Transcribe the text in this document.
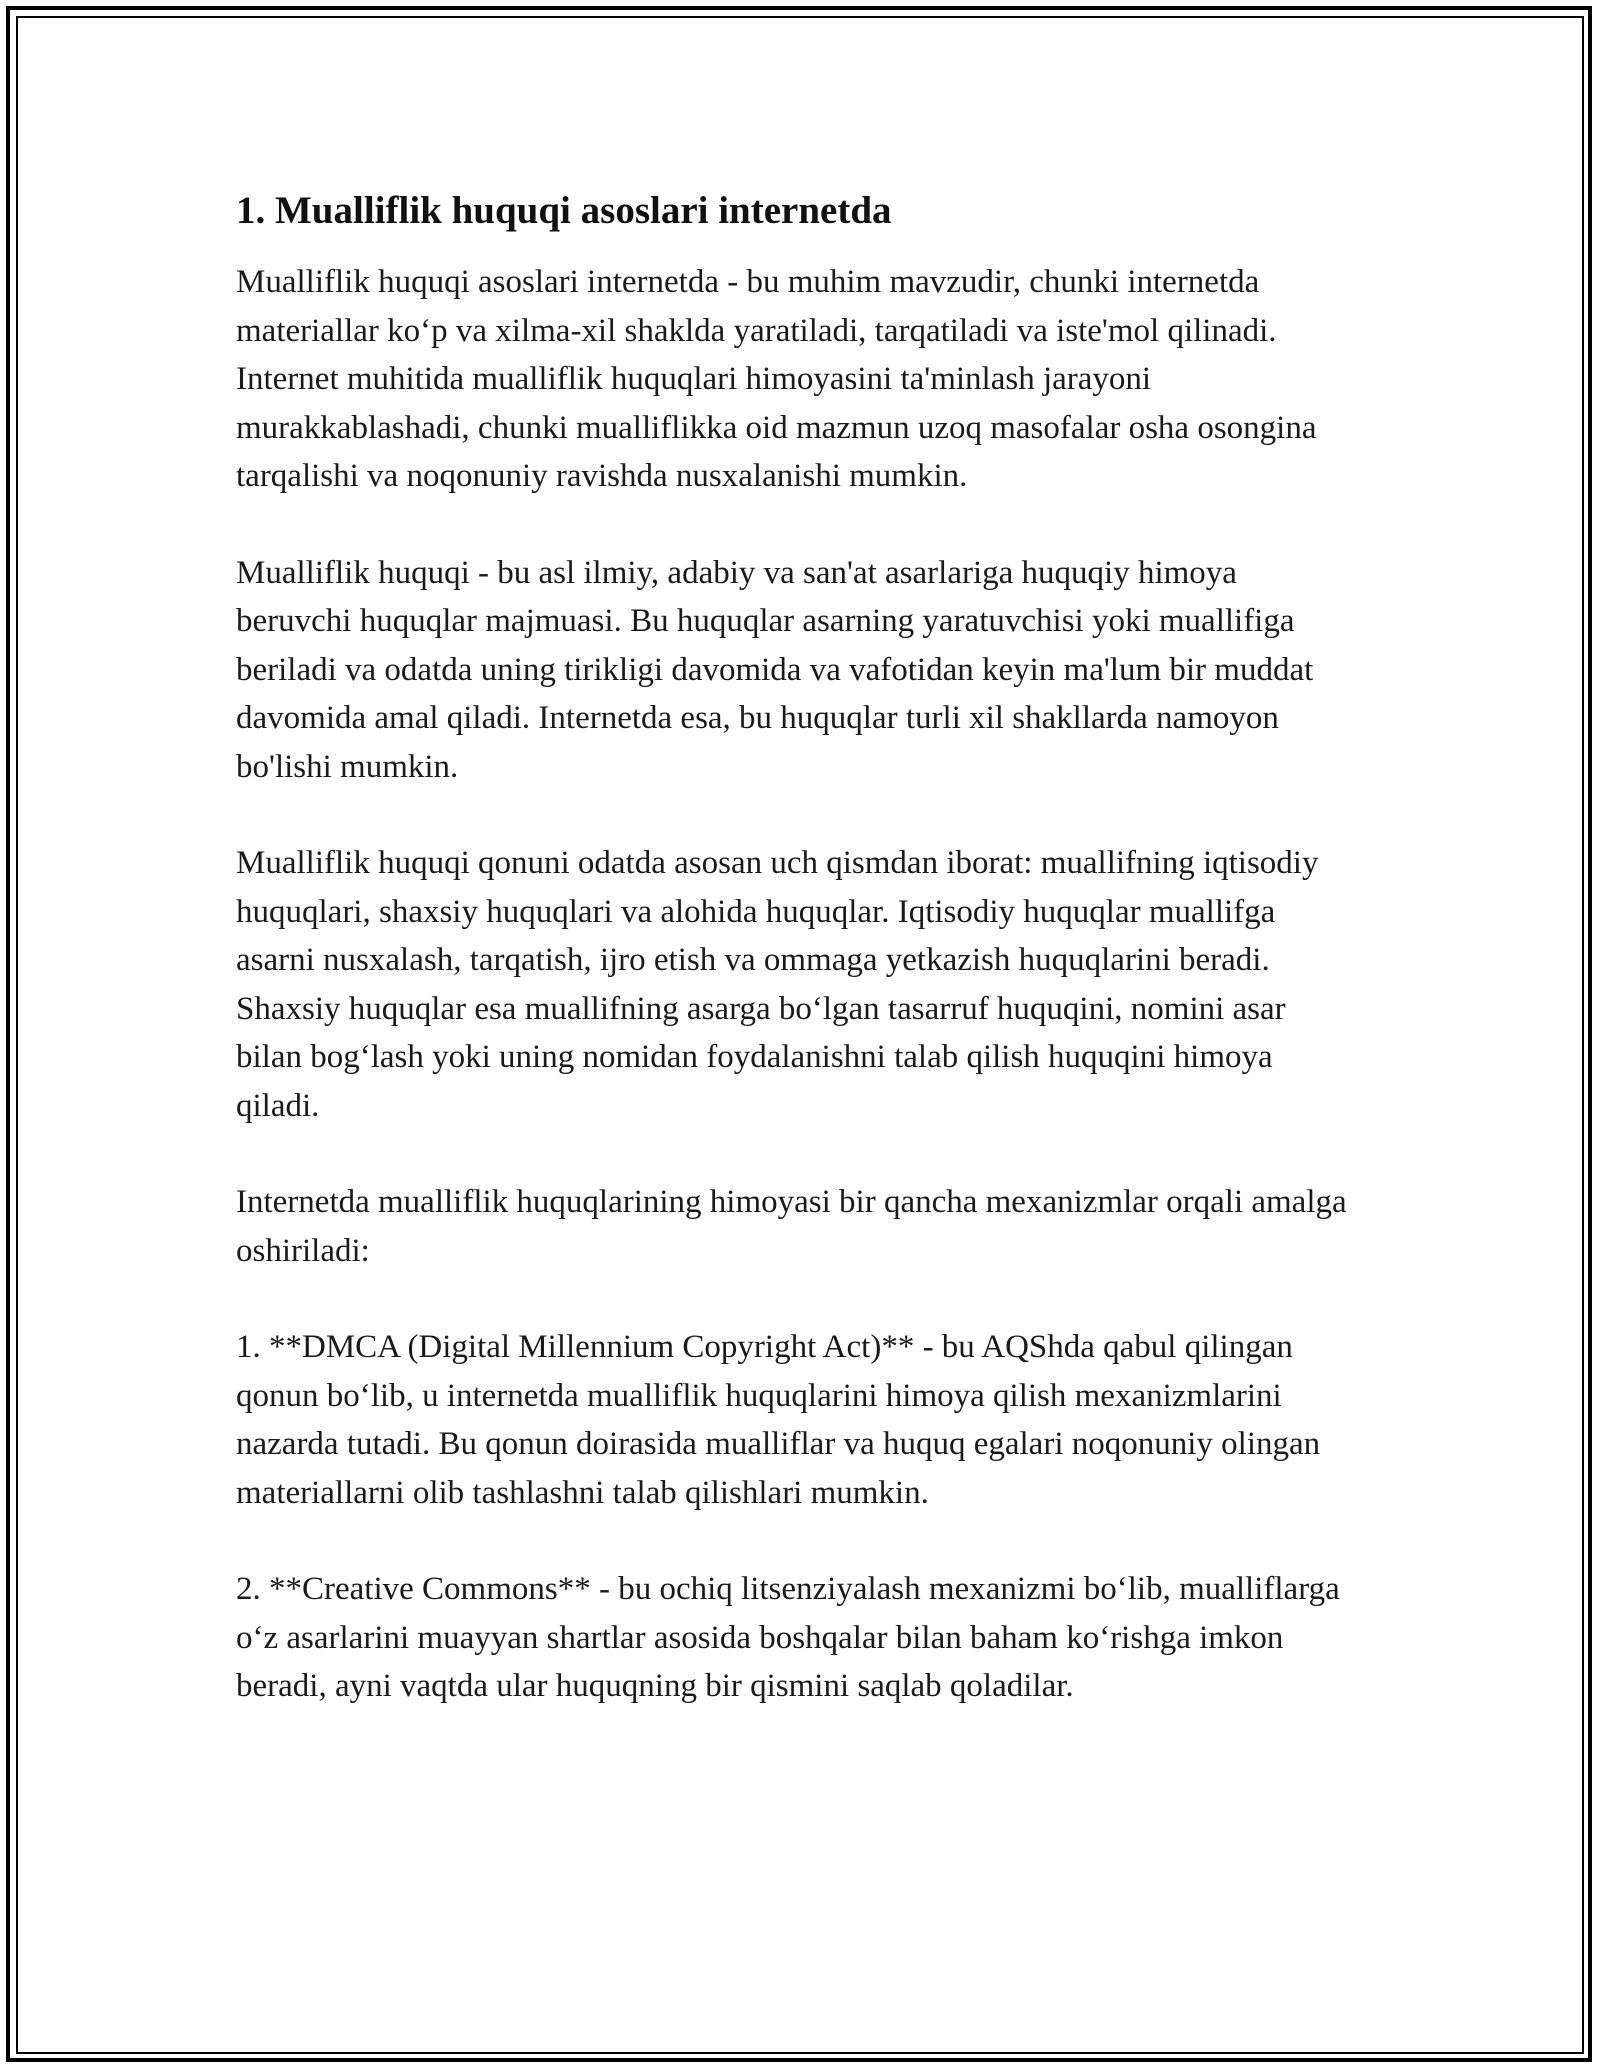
1. Mualliflik huquqi asoslari internetda

Mualliflik huquqi asoslari internetda - bu muhim mavzudir, chunki internetda materiallar ko‘p va xilma-xil shaklda yaratiladi, tarqatiladi va iste'mol qilinadi. Internet muhitida mualliflik huquqlari himoyasini ta'minlash jarayoni murakkablashadi, chunki mualliflikka oid mazmun uzoq masofalar osha osongina tarqalishi va noqonuniy ravishda nusxalanishi mumkin.

Mualliflik huquqi - bu asl ilmiy, adabiy va san'at asarlariga huquqiy himoya beruvchi huquqlar majmuasi. Bu huquqlar asarning yaratuvchisi yoki muallifiga beriladi va odatda uning tirikligi davomida va vafotidan keyin ma'lum bir muddat davomida amal qiladi. Internetda esa, bu huquqlar turli xil shakllarda namoyon bo'lishi mumkin.

Mualliflik huquqi qonuni odatda asosan uch qismdan iborat: muallifning iqtisodiy huquqlari, shaxsiy huquqlari va alohida huquqlar. Iqtisodiy huquqlar muallifga asarni nusxalash, tarqatish, ijro etish va ommaga yetkazish huquqlarini beradi. Shaxsiy huquqlar esa muallifning asarga bo‘lgan tasarruf huquqini, nomini asar bilan bog‘lash yoki uning nomidan foydalanishni talab qilish huquqini himoya qiladi.

Internetda mualliflik huquqlarining himoyasi bir qancha mexanizmlar orqali amalga oshiriladi:

1. **DMCA (Digital Millennium Copyright Act)** - bu AQShda qabul qilingan qonun bo‘lib, u internetda mualliflik huquqlarini himoya qilish mexanizmlarini nazarda tutadi. Bu qonun doirasida mualliflar va huquq egalari noqonuniy olingan materiallarni olib tashlashni talab qilishlari mumkin.

2. **Creative Commons** - bu ochiq litsenziyalash mexanizmi bo‘lib, mualliflarga o‘z asarlarini muayyan shartlar asosida boshqalar bilan baham ko‘rishga imkon beradi, ayni vaqtda ular huquqning bir qismini saqlab qoladilar.
